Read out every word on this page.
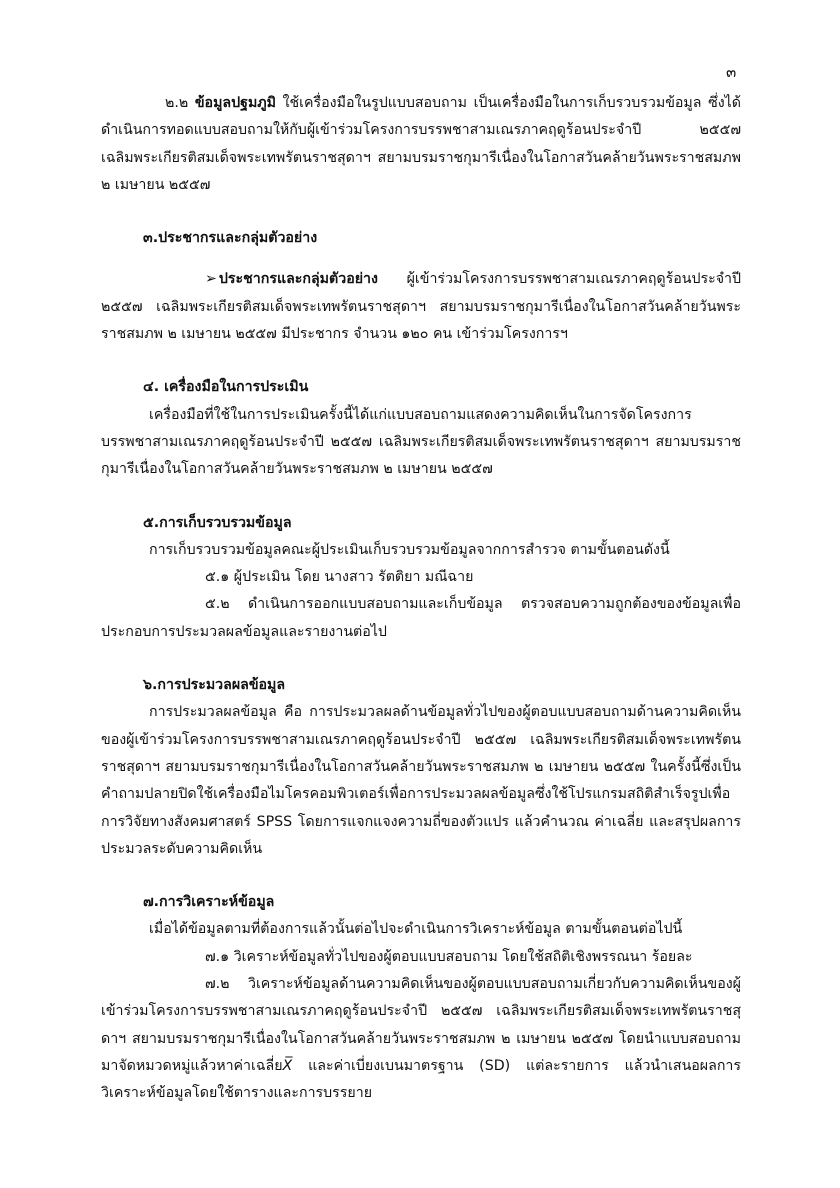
๓

๒.๒ ข้อมูลปฐมภูมิ ใช้เครื่องมือในรูปแบบสอบถาม เป็นเครื่องมือในการเก็บรวบรวมข้อมูล ซึ่งได้ดำเนินการทอดแบบสอบถามให้กับผู้เข้าร่วมโครงการบรรพชาสามเณรภาคฤดูร้อนประจำปี ๒๕๕๗ เฉลิมพระเกียรติสมเด็จพระเทพรัตนราชสุดาฯ สยามบรมราชกุมารีเนื่องในโอกาสวันคล้ายวันพระราชสมภพ ๒ เมษายน ๒๕๕๗

๓.ประชากรและกลุ่มตัวอย่าง

➢ ประชากรและกลุ่มตัวอย่าง ผู้เข้าร่วมโครงการบรรพชาสามเณรภาคฤดูร้อนประจำปี ๒๕๕๗ เฉลิมพระเกียรติสมเด็จพระเทพรัตนราชสุดาฯ สยามบรมราชกุมารีเนื่องในโอกาสวันคล้ายวันพระราชสมภพ ๒ เมษายน ๒๕๕๗ มีประชากร จำนวน ๑๒๐ คน เข้าร่วมโครงการฯ

๔. เครื่องมือในการประเมิน

เครื่องมือที่ใช้ในการประเมินครั้งนี้ได้แก่แบบสอบถามแสดงความคิดเห็นในการจัดโครงการบรรพชาสามเณรภาคฤดูร้อนประจำปี ๒๕๕๗ เฉลิมพระเกียรติสมเด็จพระเทพรัตนราชสุดาฯ สยามบรมราชกุมารีเนื่องในโอกาสวันคล้ายวันพระราชสมภพ ๒ เมษายน ๒๕๕๗

๕.การเก็บรวบรวมข้อมูล

การเก็บรวบรวมข้อมูลคณะผู้ประเมินเก็บรวบรวมข้อมูลจากการสำรวจ ตามขั้นตอนดังนี้

๕.๑ ผู้ประเมิน โดย นางสาว รัตติยา มณีฉาย

๕.๒ ดำเนินการออกแบบสอบถามและเก็บข้อมูล ตรวจสอบความถูกต้องของข้อมูลเพื่อประกอบการประมวลผลข้อมูลและรายงานต่อไป

๖.การประมวลผลข้อมูล

การประมวลผลข้อมูล คือ การประมวลผลด้านข้อมูลทั่วไปของผู้ตอบแบบสอบถามด้านความคิดเห็นของผู้เข้าร่วมโครงการบรรพชาสามเณรภาคฤดูร้อนประจำปี ๒๕๕๗ เฉลิมพระเกียรติสมเด็จพระเทพรัตนราชสุดาฯ สยามบรมราชกุมารีเนื่องในโอกาสวันคล้ายวันพระราชสมภพ ๒ เมษายน ๒๕๕๗ ในครั้งนี้ซึ่งเป็นคำถามปลายปิดใช้เครื่องมือไมโครคอมพิวเตอร์เพื่อการประมวลผลข้อมูลซึ่งใช้โปรแกรมสถิติสำเร็จรูปเพื่อการวิจัยทางสังคมศาสตร์ SPSS โดยการแจกแจงความถี่ของตัวแปร แล้วคำนวณ ค่าเฉลี่ย และสรุปผลการประมวลระดับความคิดเห็น

๗.การวิเคราะห์ข้อมูล

เมื่อได้ข้อมูลตามที่ต้องการแล้วนั้นต่อไปจะดำเนินการวิเคราะห์ข้อมูล ตามขั้นตอนต่อไปนี้

๗.๑ วิเคราะห์ข้อมูลทั่วไปของผู้ตอบแบบสอบถาม โดยใช้สถิติเชิงพรรณนา ร้อยละ

๗.๒ วิเคราะห์ข้อมูลด้านความคิดเห็นของผู้ตอบแบบสอบถามเกี่ยวกับความคิดเห็นของผู้เข้าร่วมโครงการบรรพชาสามเณรภาคฤดูร้อนประจำปี ๒๕๕๗ เฉลิมพระเกียรติสมเด็จพระเทพรัตนราชสุดาฯ สยามบรมราชกุมารีเนื่องในโอกาสวันคล้ายวันพระราชสมภพ ๒ เมษายน ๒๕๕๗ โดยนำแบบสอบถามมาจัดหมวดหมู่แล้วหาค่าเฉลี่ยX̅ และค่าเบี่ยงเบนมาตรฐาน (SD) แต่ละรายการ แล้วนำเสนอผลการวิเคราะห์ข้อมูลโดยใช้ตารางและการบรรยาย
